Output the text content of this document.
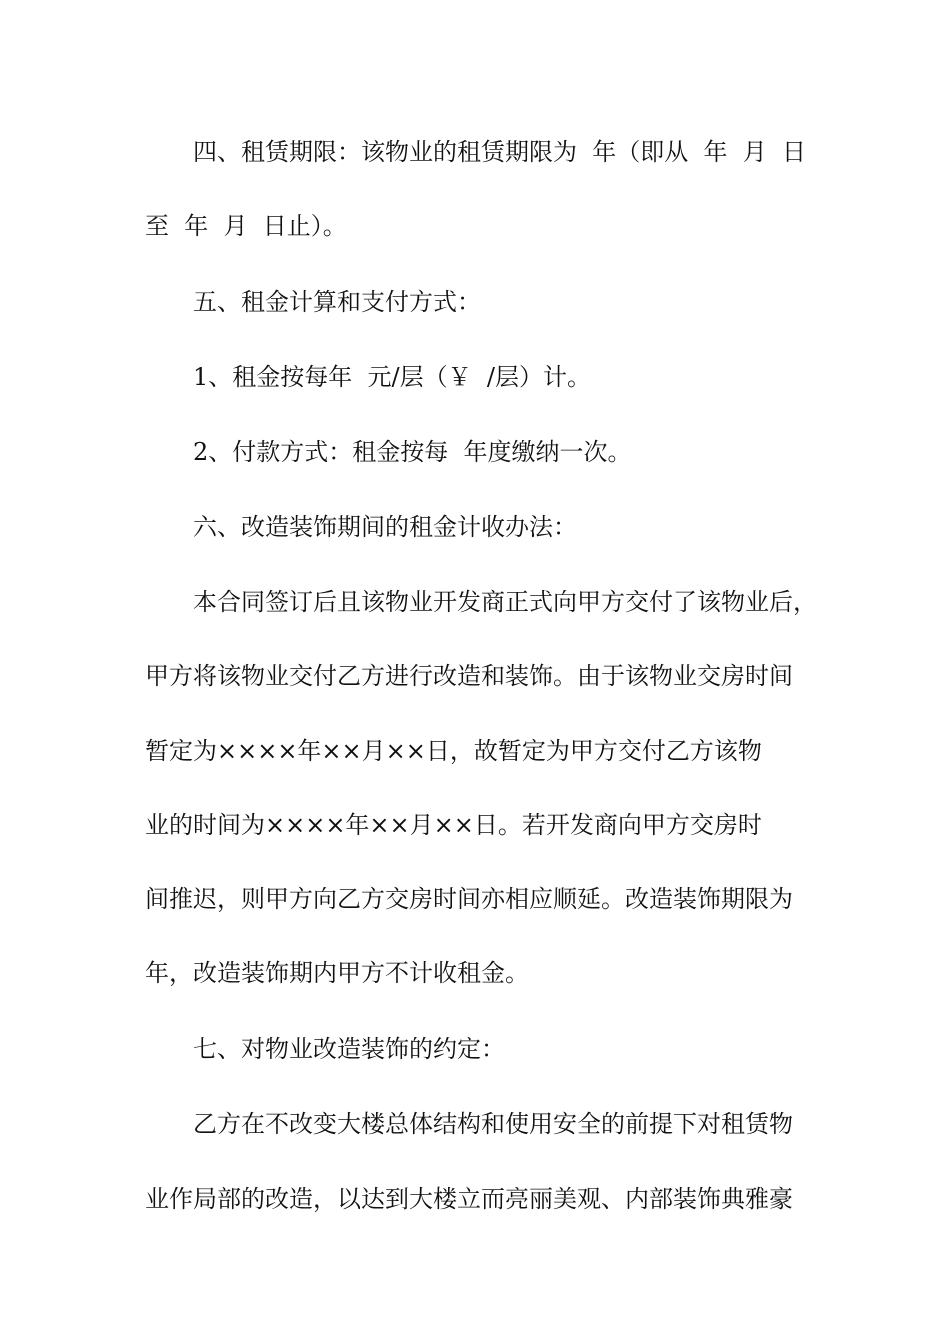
四、租赁期限：该物业的租赁期限为  年（即从  年  月  日
至  年  月  日止）。
五、租金计算和支付方式：
1、租金按每年  元/层（￥  /层）计。
2、付款方式：租金按每  年度缴纳一次。
六、改造装饰期间的租金计收办法：
本合同签订后且该物业开发商正式向甲方交付了该物业后，
甲方将该物业交付乙方进行改造和装饰。由于该物业交房时间
暂定为××××年××月××日，故暂定为甲方交付乙方该物
业的时间为××××年××月××日。若开发商向甲方交房时
间推迟，则甲方向乙方交房时间亦相应顺延。改造装饰期限为
年，改造装饰期内甲方不计收租金。
七、对物业改造装饰的约定：
乙方在不改变大楼总体结构和使用安全的前提下对租赁物
业作局部的改造，以达到大楼立而亮丽美观、内部装饰典雅豪
